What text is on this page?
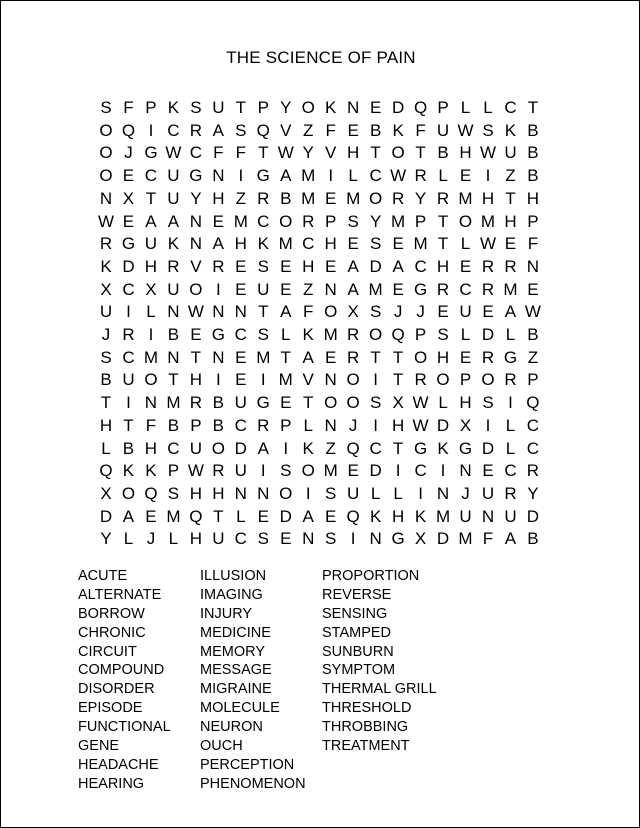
THE SCIENCE OF PAIN
S F P K S U T P Y O K N E D Q P L L C T
O Q I C R A S Q V Z F E B K F U W S K B
O J G W C F F T W Y V H T O T B H W U B
O E C U G N I G A M I L C W R L E I Z B
N X T U Y H Z R B M E M O R Y R M H T H
W E A A N E M C O R P S Y M P T O M H P
R G U K N A H K M C H E S E M T L W E F
K D H R V R E S E H E A D A C H E R R N
X C X U O I E U E Z N A M E G R C R M E
U I L N W N N T A F O X S J J E U E A W
J R I B E G C S L K M R O Q P S L D L B
S C M N T N E M T A E R T T O H E R G Z
B U O T H I E I M V N O I T R O P O R P
T I N M R B U G E T O O S X W L H S I Q
H T F B P B C R P L N J I H W D X I L C
L B H C U O D A I K Z Q C T G K G D L C
Q K K P W R U I S O M E D I C I N E C R
X O Q S H H N N O I S U L L I N J U R Y
D A E M Q T L E D A E Q K H K M U N U D
Y L J L H U C S E N S I N G X D M F A B
ACUTE
ALTERNATE
BORROW
CHRONIC
CIRCUIT
COMPOUND
DISORDER
EPISODE
FUNCTIONAL
GENE
HEADACHE
HEARING
ILLUSION
IMAGING
INJURY
MEDICINE
MEMORY
MESSAGE
MIGRAINE
MOLECULE
NEURON
OUCH
PERCEPTION
PHENOMENON
PROPORTION
REVERSE
SENSING
STAMPED
SUNBURN
SYMPTOM
THERMAL GRILL
THRESHOLD
THROBBING
TREATMENT
